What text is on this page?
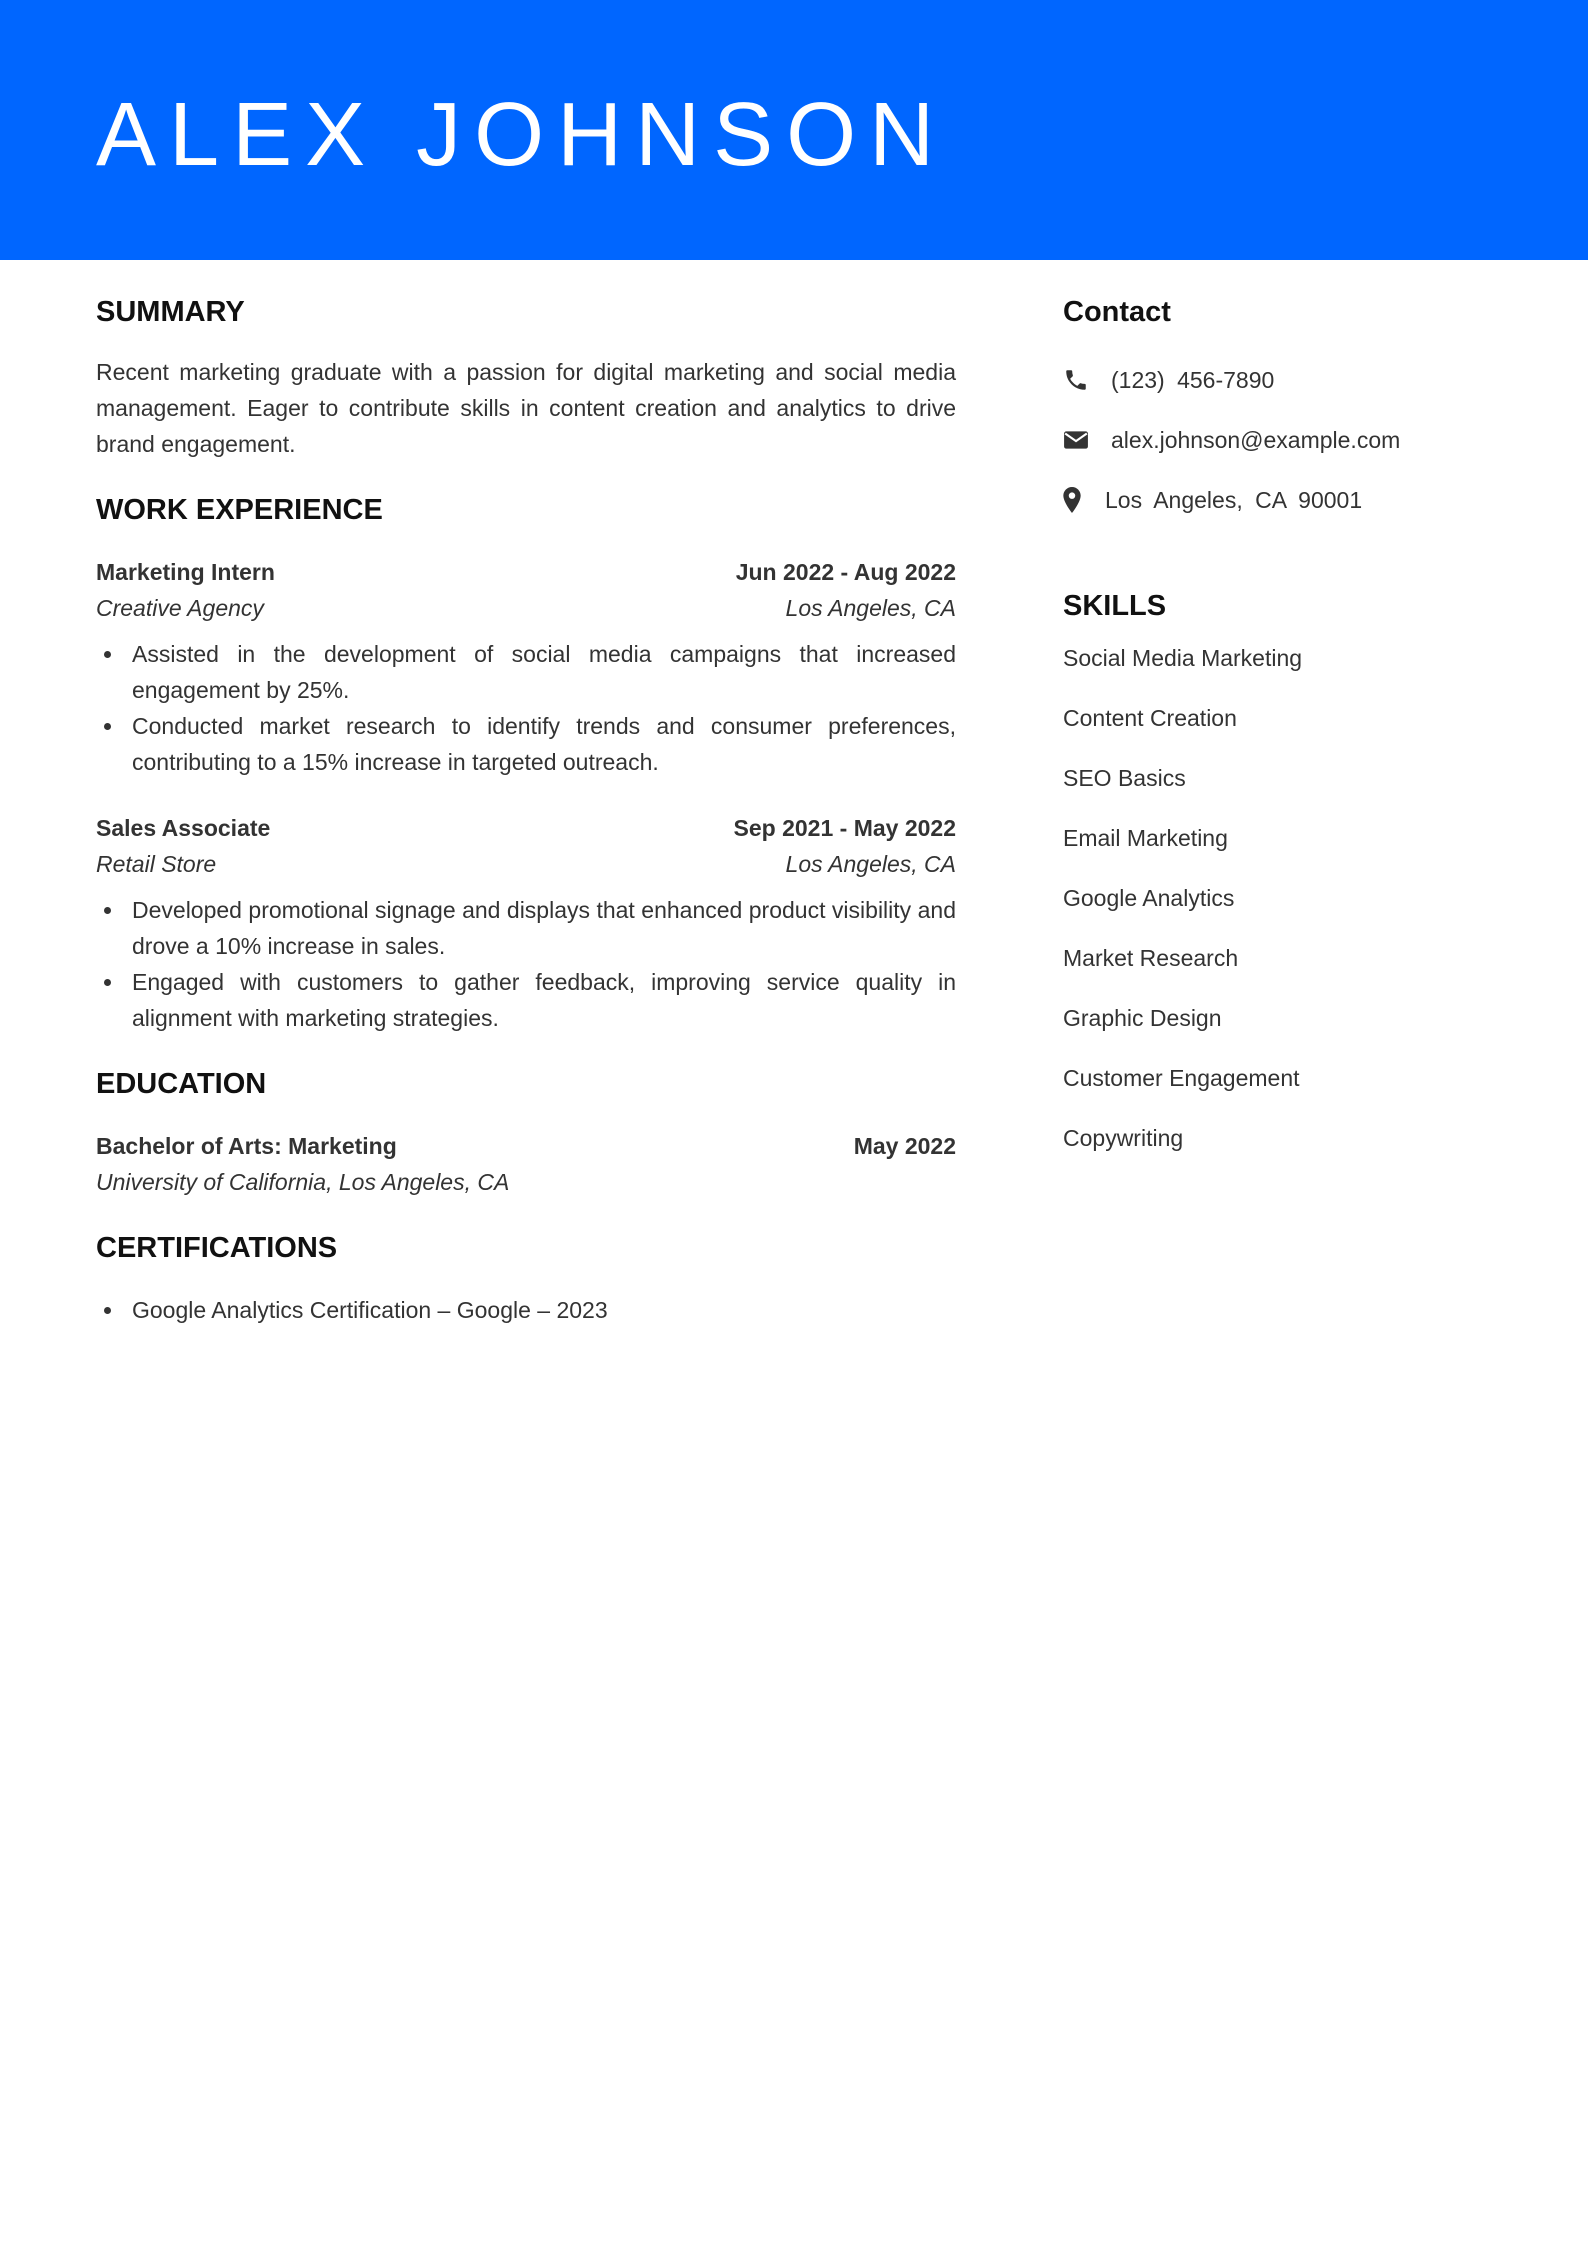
ALEX JOHNSON
SUMMARY
Recent marketing graduate with a passion for digital marketing and social media management. Eager to contribute skills in content creation and analytics to drive brand engagement.
WORK EXPERIENCE
Marketing Intern	Jun 2022 - Aug 2022
Creative Agency	Los Angeles, CA
Assisted in the development of social media campaigns that increased engagement by 25%.
Conducted market research to identify trends and consumer preferences, contributing to a 15% increase in targeted outreach.
Sales Associate	Sep 2021 - May 2022
Retail Store	Los Angeles, CA
Developed promotional signage and displays that enhanced product visibility and drove a 10% increase in sales.
Engaged with customers to gather feedback, improving service quality in alignment with marketing strategies.
EDUCATION
Bachelor of Arts: Marketing	May 2022
University of California, Los Angeles, CA
CERTIFICATIONS
Google Analytics Certification – Google – 2023
Contact
(123) 456-7890
alex.johnson@example.com
Los Angeles, CA 90001
SKILLS
Social Media Marketing
Content Creation
SEO Basics
Email Marketing
Google Analytics
Market Research
Graphic Design
Customer Engagement
Copywriting
